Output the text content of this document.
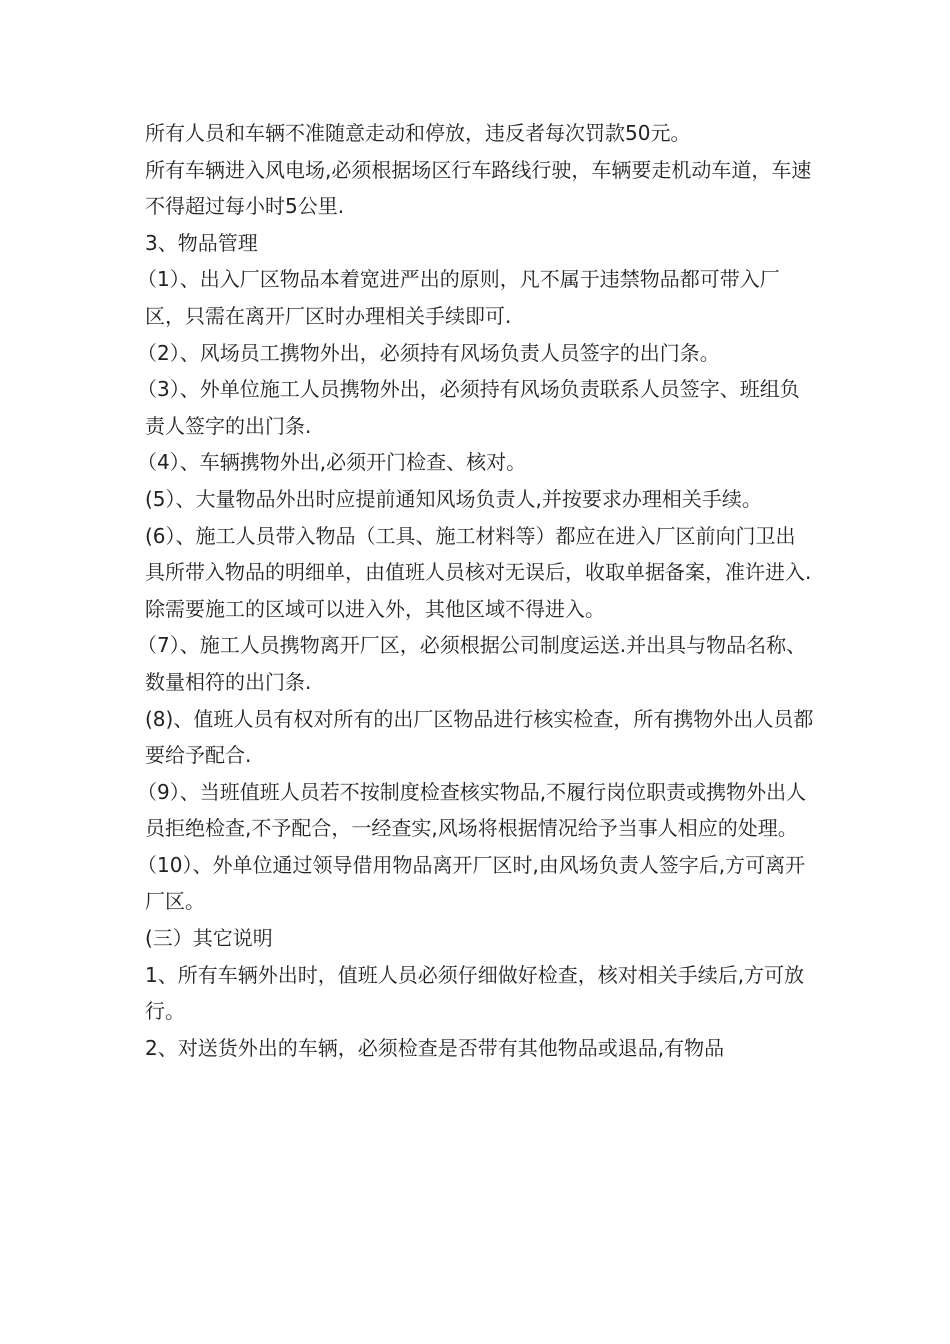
所有人员和车辆不准随意走动和停放，违反者每次罚款50元。

所有车辆进入风电场,必须根据场区行车路线行驶，车辆要走机动车道，车速不得超过每小时5公里.

3、物品管理

（1）、出入厂区物品本着宽进严出的原则，凡不属于违禁物品都可带入厂区，只需在离开厂区时办理相关手续即可.

（2）、风场员工携物外出，必须持有风场负责人员签字的出门条。

（3）、外单位施工人员携物外出，必须持有风场负责联系人员签字、班组负责人签字的出门条.

（4）、车辆携物外出,必须开门检查、核对。

(5）、大量物品外出时应提前通知风场负责人,并按要求办理相关手续。

(6）、施工人员带入物品（工具、施工材料等）都应在进入厂区前向门卫出具所带入物品的明细单，由值班人员核对无误后，收取单据备案，准许进入.除需要施工的区域可以进入外，其他区域不得进入。

（7）、施工人员携物离开厂区，必须根据公司制度运送.并出具与物品名称、数量相符的出门条.

(8)、值班人员有权对所有的出厂区物品进行核实检查，所有携物外出人员都要给予配合.

（9）、当班值班人员若不按制度检查核实物品,不履行岗位职责或携物外出人员拒绝检查,不予配合，一经查实,风场将根据情况给予当事人相应的处理。

（10）、外单位通过领导借用物品离开厂区时,由风场负责人签字后,方可离开厂区。

(三）其它说明

1、所有车辆外出时，值班人员必须仔细做好检查，核对相关手续后,方可放行。

2、对送货外出的车辆，必须检查是否带有其他物品或退品,有物品
